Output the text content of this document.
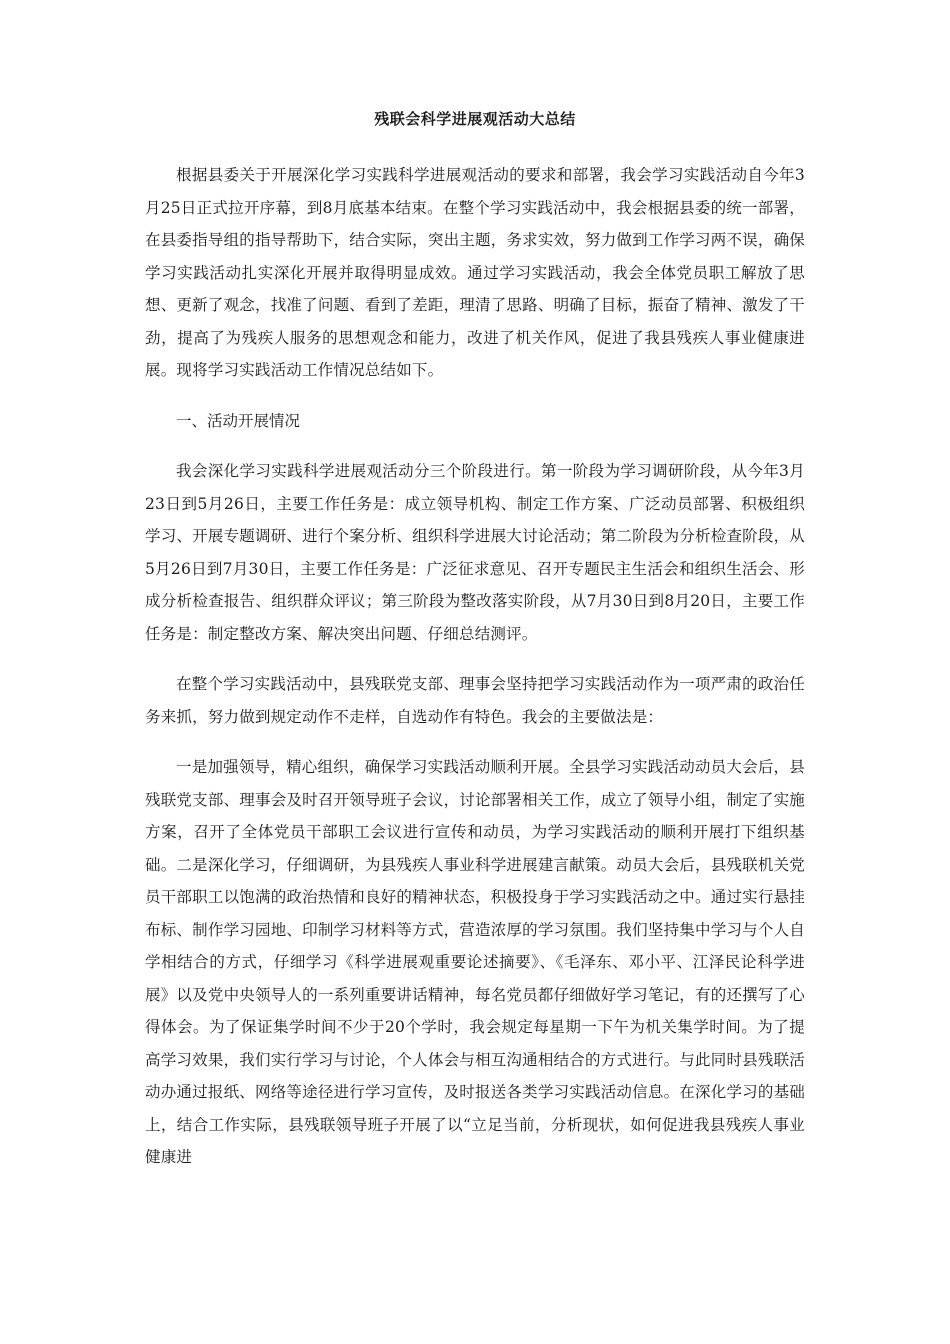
残联会科学进展观活动大总结

根据县委关于开展深化学习实践科学进展观活动的要求和部署，我会学习实践活动自今年3月25日正式拉开序幕，到8月底基本结束。在整个学习实践活动中，我会根据县委的统一部署，在县委指导组的指导帮助下，结合实际，突出主题，务求实效，努力做到工作学习两不误，确保学习实践活动扎实深化开展并取得明显成效。通过学习实践活动，我会全体党员职工解放了思想、更新了观念，找准了问题、看到了差距，理清了思路、明确了目标，振奋了精神、激发了干劲，提高了为残疾人服务的思想观念和能力，改进了机关作风，促进了我县残疾人事业健康进展。现将学习实践活动工作情况总结如下。

一、活动开展情况

我会深化学习实践科学进展观活动分三个阶段进行。第一阶段为学习调研阶段，从今年3月23日到5月26日，主要工作任务是：成立领导机构、制定工作方案、广泛动员部署、积极组织学习、开展专题调研、进行个案分析、组织科学进展大讨论活动；第二阶段为分析检查阶段，从5月26日到7月30日，主要工作任务是：广泛征求意见、召开专题民主生活会和组织生活会、形成分析检查报告、组织群众评议；第三阶段为整改落实阶段，从7月30日到8月20日，主要工作任务是：制定整改方案、解决突出问题、仔细总结测评。

在整个学习实践活动中，县残联党支部、理事会坚持把学习实践活动作为一项严肃的政治任务来抓，努力做到规定动作不走样，自选动作有特色。我会的主要做法是：

一是加强领导，精心组织，确保学习实践活动顺利开展。全县学习实践活动动员大会后，县残联党支部、理事会及时召开领导班子会议，讨论部署相关工作，成立了领导小组，制定了实施方案，召开了全体党员干部职工会议进行宣传和动员，为学习实践活动的顺利开展打下组织基础。二是深化学习，仔细调研，为县残疾人事业科学进展建言献策。动员大会后，县残联机关党员干部职工以饱满的政治热情和良好的精神状态，积极投身于学习实践活动之中。通过实行悬挂布标、制作学习园地、印制学习材料等方式，营造浓厚的学习氛围。我们坚持集中学习与个人自学相结合的方式，仔细学习《科学进展观重要论述摘要》、《毛泽东、邓小平、江泽民论科学进展》以及党中央领导人的一系列重要讲话精神，每名党员都仔细做好学习笔记，有的还撰写了心得体会。为了保证集学时间不少于20个学时，我会规定每星期一下午为机关集学时间。为了提高学习效果，我们实行学习与讨论，个人体会与相互沟通相结合的方式进行。与此同时县残联活动办通过报纸、网络等途径进行学习宣传，及时报送各类学习实践活动信息。在深化学习的基础上，结合工作实际，县残联领导班子开展了以“立足当前，分析现状，如何促进我县残疾人事业健康进
